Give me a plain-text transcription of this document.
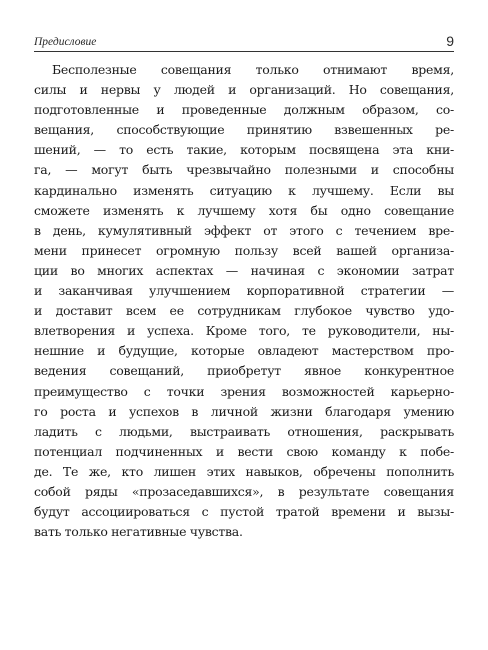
Предисловие	9
Бесполезные совещания только отнимают время,
силы и нервы у людей и организаций. Но совещания,
подготовленные и проведенные должным образом, со-
вещания, способствующие принятию взвешенных ре-
шений, — то есть такие, которым посвящена эта кни-
га, — могут быть чрезвычайно полезными и способны
кардинально изменять ситуацию к лучшему. Если вы
сможете изменять к лучшему хотя бы одно совещание
в день, кумулятивный эффект от этого с течением вре-
мени принесет огромную пользу всей вашей организа-
ции во многих аспектах — начиная с экономии затрат
и заканчивая улучшением корпоративной стратегии —
и доставит всем ее сотрудникам глубокое чувство удо-
влетворения и успеха. Кроме того, те руководители, ны-
нешние и будущие, которые овладеют мастерством про-
ведения совещаний, приобретут явное конкурентное
преимущество с точки зрения возможностей карьерно-
го роста и успехов в личной жизни благодаря умению
ладить с людьми, выстраивать отношения, раскрывать
потенциал подчиненных и вести свою команду к побе-
де. Те же, кто лишен этих навыков, обречены пополнить
собой ряды «прозаседавшихся», в результате совещания
будут ассоциироваться с пустой тратой времени и вызы-
вать только негативные чувства.
